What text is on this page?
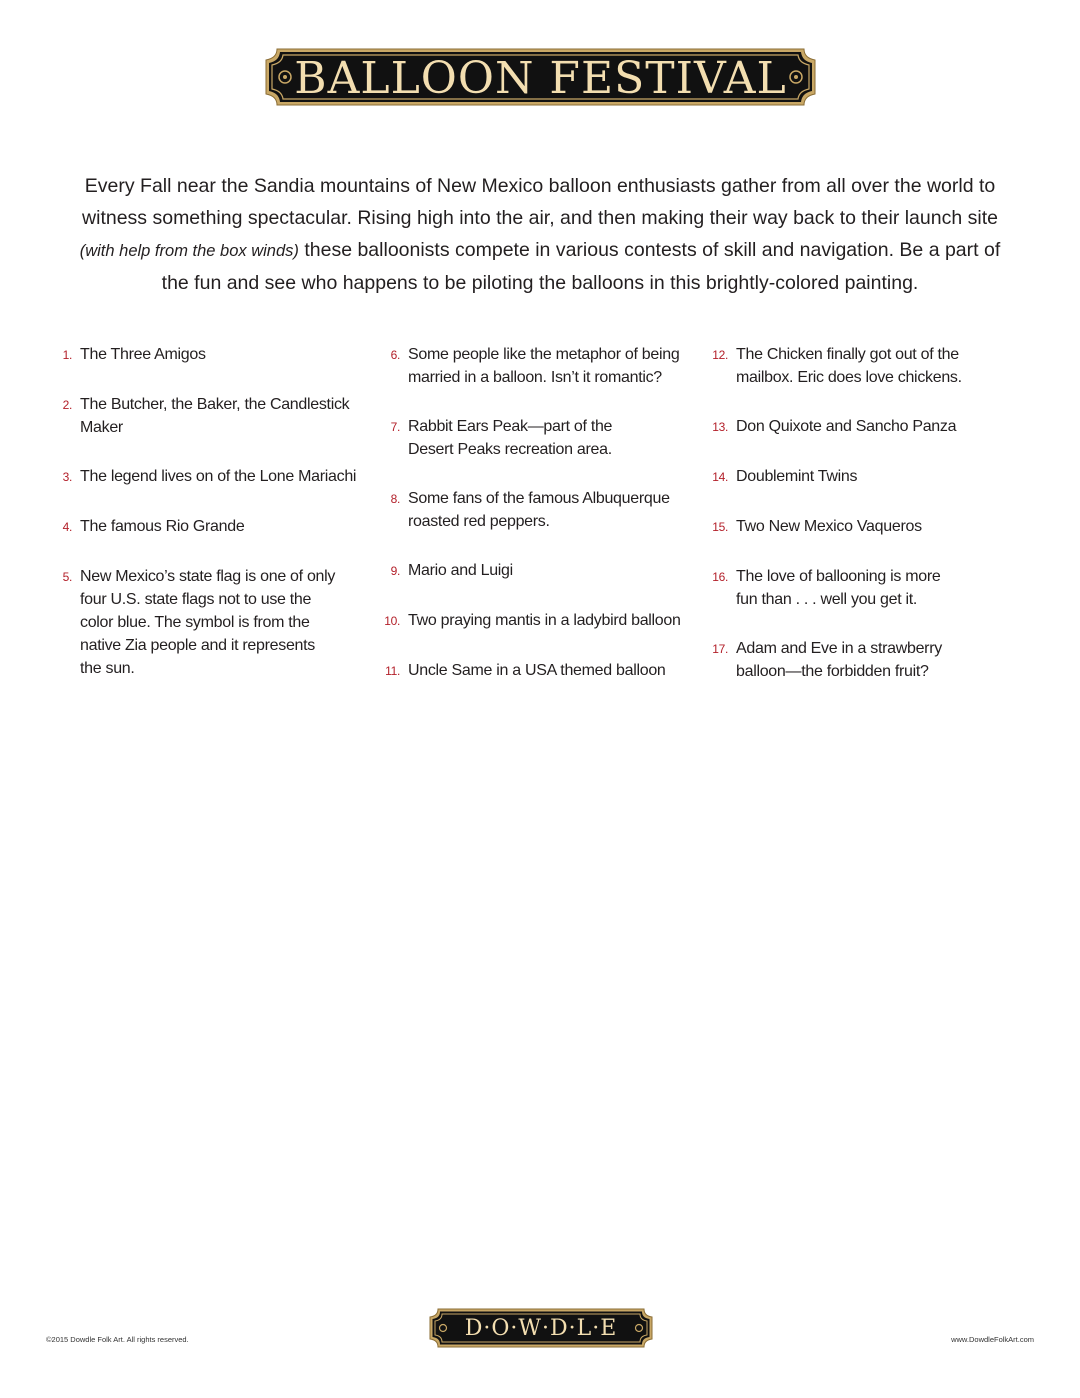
BALLOON FESTIVAL

Every Fall near the Sandia mountains of New Mexico balloon enthusiasts gather from all over the world to witness something spectacular. Rising high into the air, and then making their way back to their launch site (with help from the box winds) these balloonists compete in various contests of skill and navigation. Be a part of the fun and see who happens to be piloting the balloons in this brightly-colored painting.

1. The Three Amigos
2. The Butcher, the Baker, the Candlestick Maker
3. The legend lives on of the Lone Mariachi
4. The famous Rio Grande
5. New Mexico’s state flag is one of only four U.S. state flags not to use the color blue. The symbol is from the native Zia people and it represents the sun.
6. Some people like the metaphor of being married in a balloon. Isn’t it romantic?
7. Rabbit Ears Peak—part of the Desert Peaks recreation area.
8. Some fans of the famous Albuquerque roasted red peppers.
9. Mario and Luigi
10. Two praying mantis in a ladybird balloon
11. Uncle Same in a USA themed balloon
12. The Chicken finally got out of the mailbox. Eric does love chickens.
13. Don Quixote and Sancho Panza
14. Doublemint Twins
15. Two New Mexico Vaqueros
16. The love of ballooning is more fun than . . . well you get it.
17. Adam and Eve in a strawberry balloon—the forbidden fruit?
©2015 Dowdle Folk Art. All rights reserved.	D·O·W·D·L·E	www.DowdleFolkArt.com
